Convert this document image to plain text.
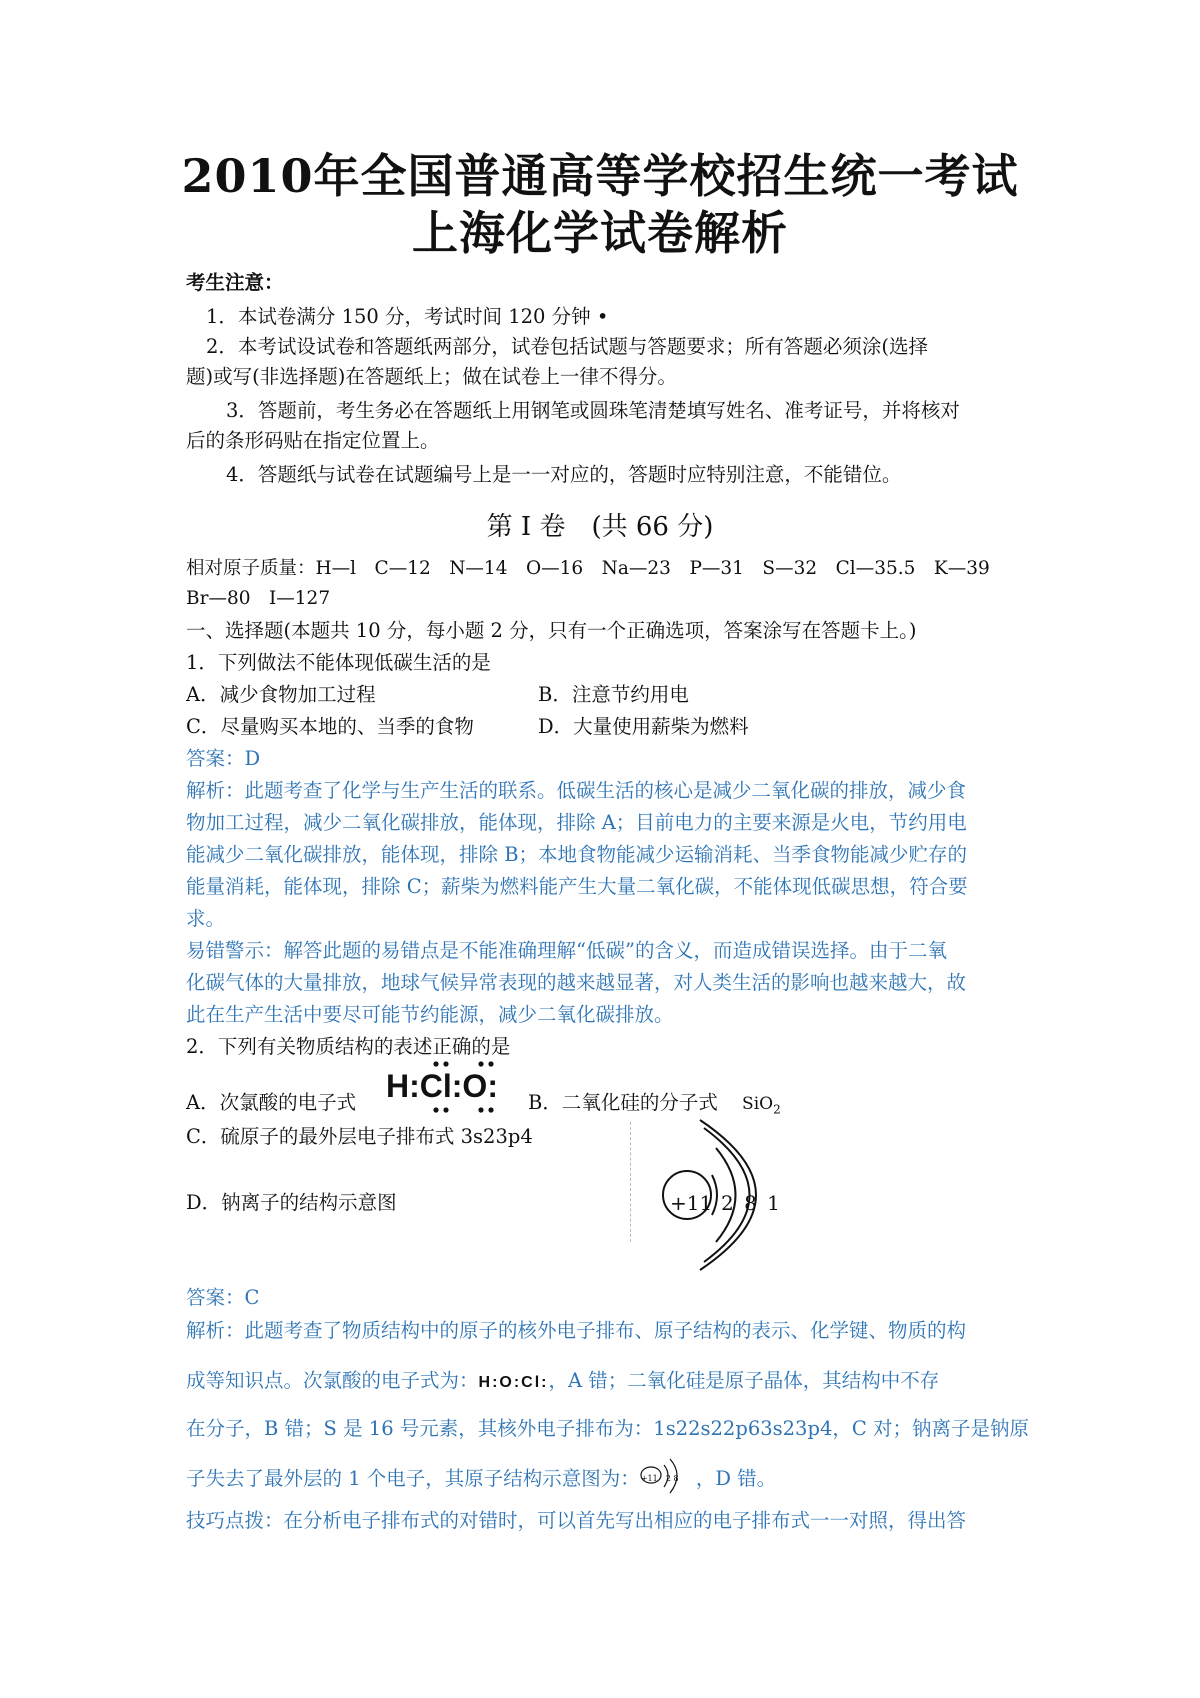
2010年全国普通高等学校招生统一考试
上海化学试卷解析
考生注意：
1．本试卷满分 150 分，考试时间 120 分钟 •
2．本考试设试卷和答题纸两部分，试卷包括试题与答题要求；所有答题必须涂(选择
题)或写(非选择题)在答题纸上；做在试卷上一律不得分。
3．答题前，考生务必在答题纸上用钢笔或圆珠笔清楚填写姓名、准考证号，并将核对
后的条形码贴在指定位置上。
4．答题纸与试卷在试题编号上是一一对应的，答题时应特别注意，不能错位。
第 I 卷　(共 66 分)
相对原子质量：H—l　C—12　N—14　O—16　Na—23　P—31　S—32　Cl—35.5　K—39
Br—80　I—127
一、选择题(本题共 10 分，每小题 2 分，只有一个正确选项，答案涂写在答题卡上。)
1．下列做法不能体现低碳生活的是
A．减少食物加工过程	B．注意节约用电
C．尽量购买本地的、当季的食物	D．大量使用薪柴为燃料
答案：D
解析：此题考查了化学与生产生活的联系。低碳生活的核心是减少二氧化碳的排放，减少食
物加工过程，减少二氧化碳排放，能体现，排除 A；目前电力的主要来源是火电，节约用电
能减少二氧化碳排放，能体现，排除 B；本地食物能减少运输消耗、当季食物能减少贮存的
能量消耗，能体现，排除 C；薪柴为燃料能产生大量二氧化碳，不能体现低碳思想，符合要
求。
易错警示：解答此题的易错点是不能准确理解“低碳”的含义，而造成错误选择。由于二氧
化碳气体的大量排放，地球气候异常表现的越来越显著，对人类生活的影响也越来越大，故
此在生产生活中要尽可能节约能源，减少二氧化碳排放。
2．下列有关物质结构的表述正确的是
A．次氯酸的电子式 H:Cl:O: B．二氧化硅的分子式 SiO$_2$
C．硫原子的最外层电子排布式 3s23p4
D．钠离子的结构示意图	+11 2 8 1
答案：C
解析：此题考查了物质结构中的原子的核外电子排布、原子结构的表示、化学键、物质的构
成等知识点。次氯酸的电子式为：H:O:Cl:，A 错；二氧化硅是原子晶体，其结构中不存
在分子，B 错；S 是 16 号元素，其核外电子排布为：1s22s22p63s23p4，C 对；钠离子是钠原
子失去了最外层的 1 个电子，其原子结构示意图为： +11 2 8 ，D 错。
技巧点拨：在分析电子排布式的对错时，可以首先写出相应的电子排布式一一对照，得出答
